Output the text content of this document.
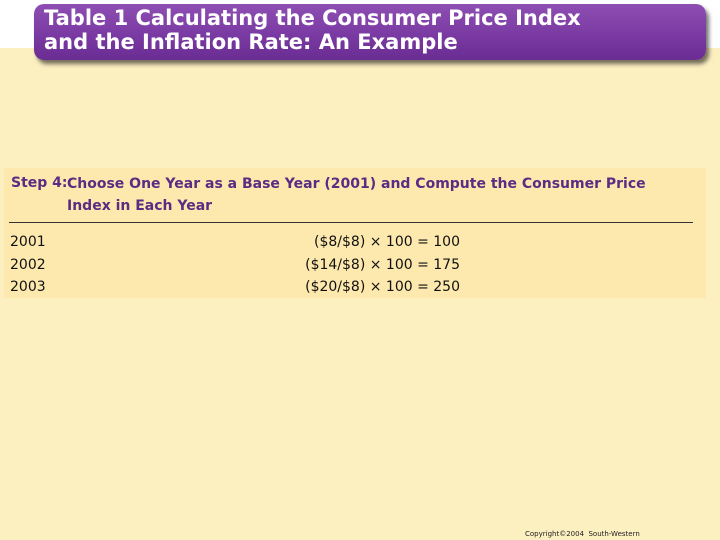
Table 1 Calculating the Consumer Price Index
and the Inflation Rate: An Example
Step 4: Choose One Year as a Base Year (2001) and Compute the Consumer Price Index in Each Year
2001	($8/$8) × 100 = 100
2002	($14/$8) × 100 = 175
2003	($20/$8) × 100 = 250
Copyright©2004  South-Western
